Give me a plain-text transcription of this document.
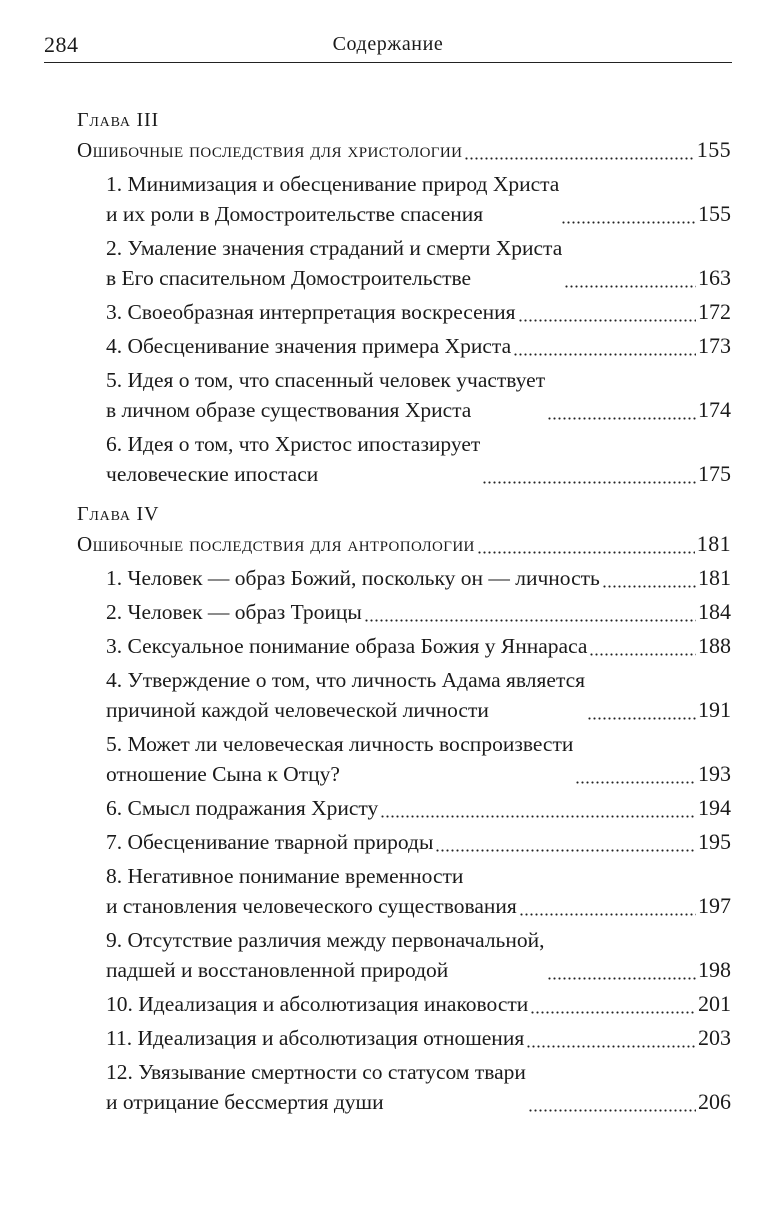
284	Содержание
Глава III
Ошибочные последствия для христологии	155
1. Минимизация и обесценивание природ Христа
и их роли в Домостроительстве спасения	155
2. Умаление значения страданий и смерти Христа
в Его спасительном Домостроительстве	163
3. Своеобразная интерпретация воскресения	172
4. Обесценивание значения примера Христа	173
5. Идея о том, что спасенный человек участвует
в личном образе существования Христа	174
6. Идея о том, что Христос ипостазирует
человеческие ипостаси	175
Глава IV
Ошибочные последствия для антропологии	181
1. Человек — образ Божий, поскольку он — личность	181
2. Человек — образ Троицы	184
3. Сексуальное понимание образа Божия у Яннараса	188
4. Утверждение о том, что личность Адама является
причиной каждой человеческой личности	191
5. Может ли человеческая личность воспроизвести
отношение Сына к Отцу?	193
6. Смысл подражания Христу	194
7. Обесценивание тварной природы	195
8. Негативное понимание временности
и становления человеческого существования	197
9. Отсутствие различия между первоначальной,
падшей и восстановленной природой	198
10. Идеализация и абсолютизация инаковости	201
11. Идеализация и абсолютизация отношения	203
12. Увязывание смертности со статусом твари
и отрицание бессмертия души	206
